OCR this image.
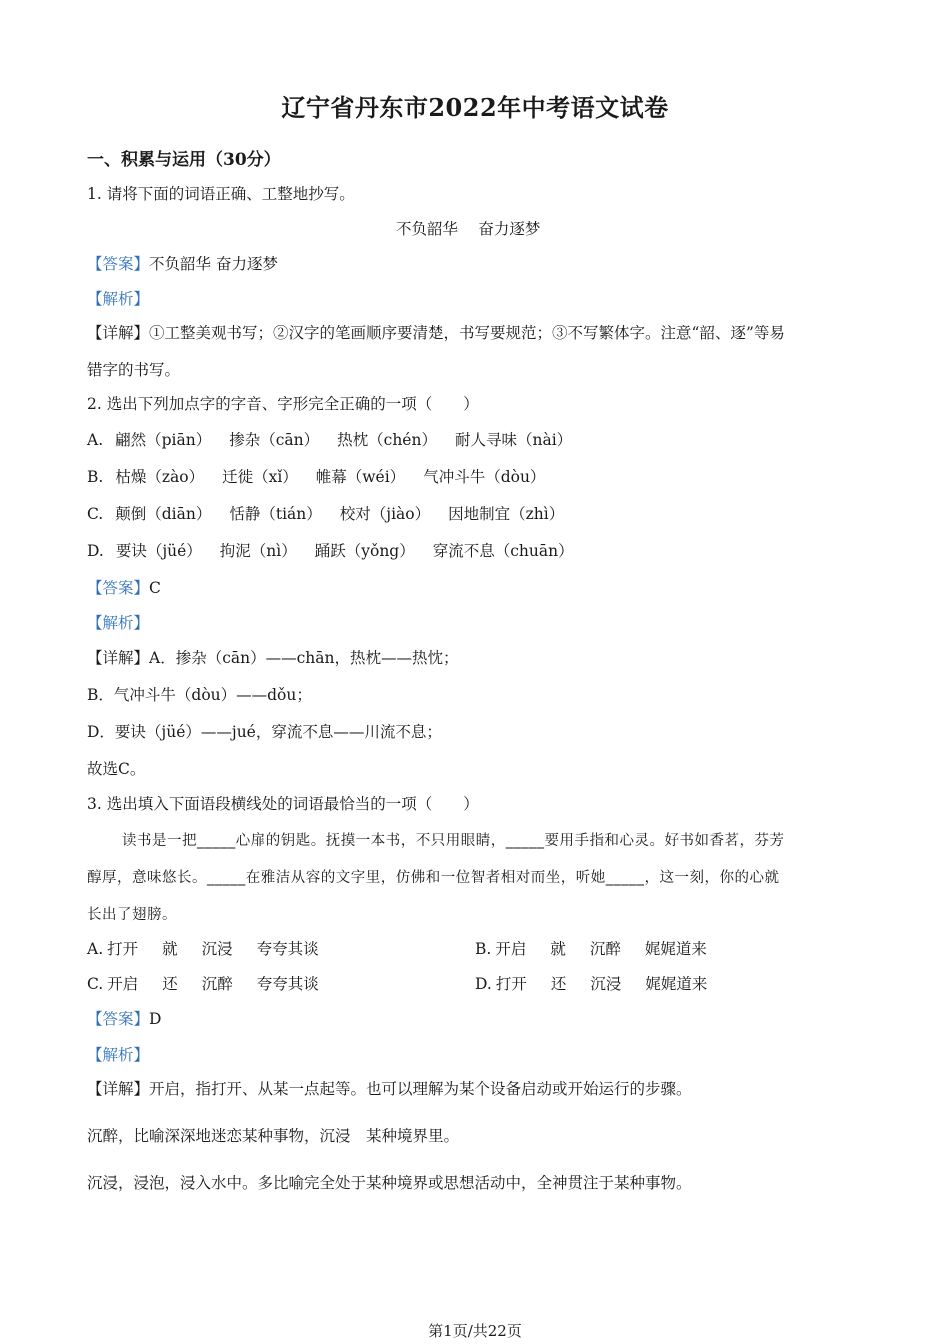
辽宁省丹东市2022年中考语文试卷
一、积累与运用（30分）
1. 请将下面的词语正确、工整地抄写。
不负韶华　 奋力逐梦
【答案】不负韶华 奋力逐梦
【解析】
【详解】①工整美观书写；②汉字的笔画顺序要清楚，书写要规范；③不写繁体字。注意“韶、逐”等易
错字的书写。
2. 选出下列加点字的字音、字形完全正确的一项（　　）
A. 翩然（piān） 掺杂（cān） 热枕（chén） 耐人寻味（nài）
B. 枯燥（zào） 迁徙（xǐ） 帷幕（wéi） 气冲斗牛（dòu）
C. 颠倒（diān） 恬静（tián） 校对（jiào） 因地制宜（zhì）
D. 要诀（jüé） 拘泥（nì） 踊跃（yǒng） 穿流不息（chuān）
【答案】C
【解析】
【详解】A．掺杂（cān）——chān，热枕——热忱；
B．气冲斗牛（dòu）——dǒu；
D．要诀（jüé）——jué，穿流不息——川流不息；
故选C。
3. 选出填入下面语段横线处的词语最恰当的一项（　　）
读书是一把_____心扉的钥匙。抚摸一本书，不只用眼睛，_____要用手指和心灵。好书如香茗，芬芳
醇厚，意味悠长。_____在雅洁从容的文字里，仿佛和一位智者相对而坐，听她_____，这一刻，你的心就
长出了翅膀。
A. 打开 就 沉浸 夸夸其谈	B. 开启 就 沉醉 娓娓道来
C. 开启 还 沉醉 夸夸其谈	D. 打开 还 沉浸 娓娓道来
【答案】D
【解析】
【详解】开启，指打开、从某一点起等。也可以理解为某个设备启动或开始运行的步骤。
沉醉，比喻深深地迷恋某种事物，沉浸　某种境界里。
沉浸，浸泡，浸入水中。多比喻完全处于某种境界或思想活动中，全神贯注于某种事物。
第1页/共22页
